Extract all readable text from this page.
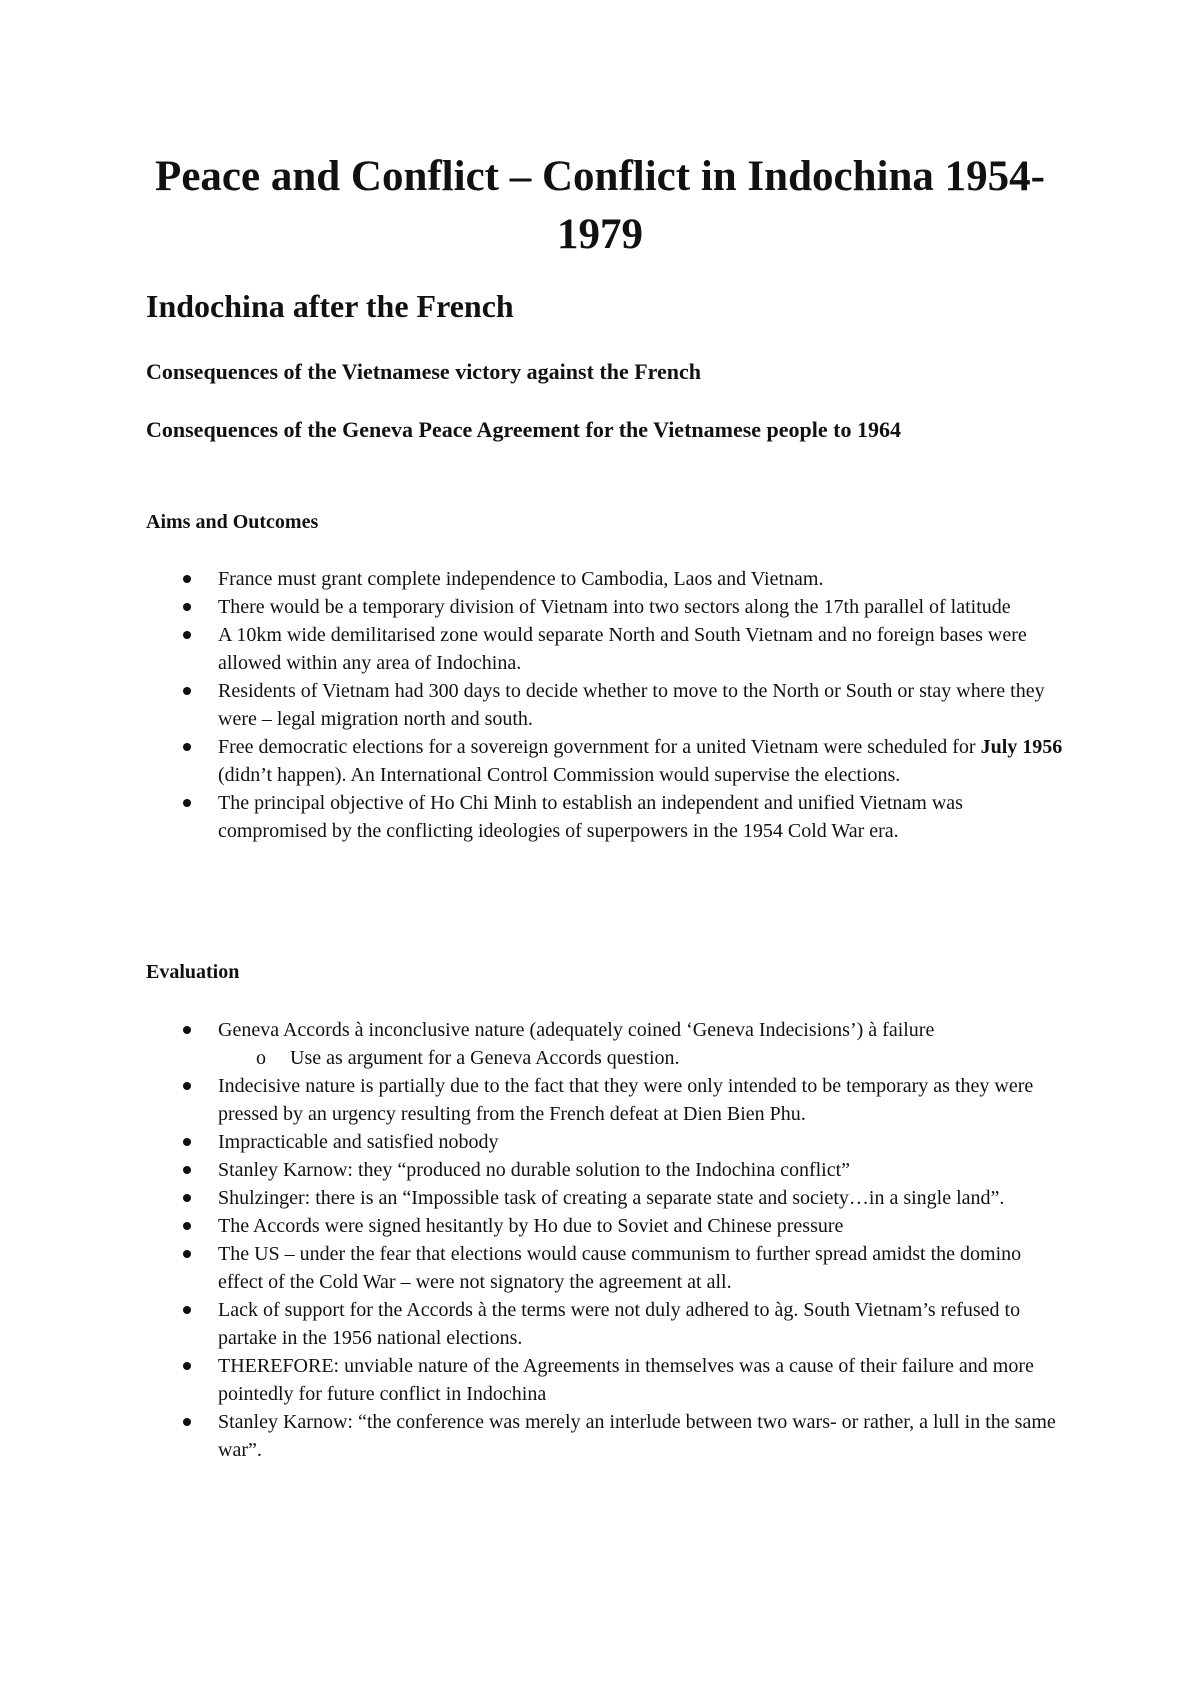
Peace and Conflict – Conflict in Indochina 1954-1979
Indochina after the French
Consequences of the Vietnamese victory against the French
Consequences of the Geneva Peace Agreement for the Vietnamese people to 1964
Aims and Outcomes
France must grant complete independence to Cambodia, Laos and Vietnam.
There would be a temporary division of Vietnam into two sectors along the 17th parallel of latitude
A 10km wide demilitarised zone would separate North and South Vietnam and no foreign bases were allowed within any area of Indochina.
Residents of Vietnam had 300 days to decide whether to move to the North or South or stay where they were – legal migration north and south.
Free democratic elections for a sovereign government for a united Vietnam were scheduled for July 1956 (didn’t happen). An International Control Commission would supervise the elections.
The principal objective of Ho Chi Minh to establish an independent and unified Vietnam was compromised by the conflicting ideologies of superpowers in the 1954 Cold War era.
Evaluation
Geneva Accords à inconclusive nature (adequately coined ‘Geneva Indecisions’) à failure
o Use as argument for a Geneva Accords question.
Indecisive nature is partially due to the fact that they were only intended to be temporary as they were pressed by an urgency resulting from the French defeat at Dien Bien Phu.
Impracticable and satisfied nobody
Stanley Karnow: they “produced no durable solution to the Indochina conflict”
Shulzinger: there is an “Impossible task of creating a separate state and society…in a single land”.
The Accords were signed hesitantly by Ho due to Soviet and Chinese pressure
The US – under the fear that elections would cause communism to further spread amidst the domino effect of the Cold War – were not signatory the agreement at all.
Lack of support for the Accords à the terms were not duly adhered to àg. South Vietnam’s refused to partake in the 1956 national elections.
THEREFORE: unviable nature of the Agreements in themselves was a cause of their failure and more pointedly for future conflict in Indochina
Stanley Karnow: “the conference was merely an interlude between two wars- or rather, a lull in the same war”.
